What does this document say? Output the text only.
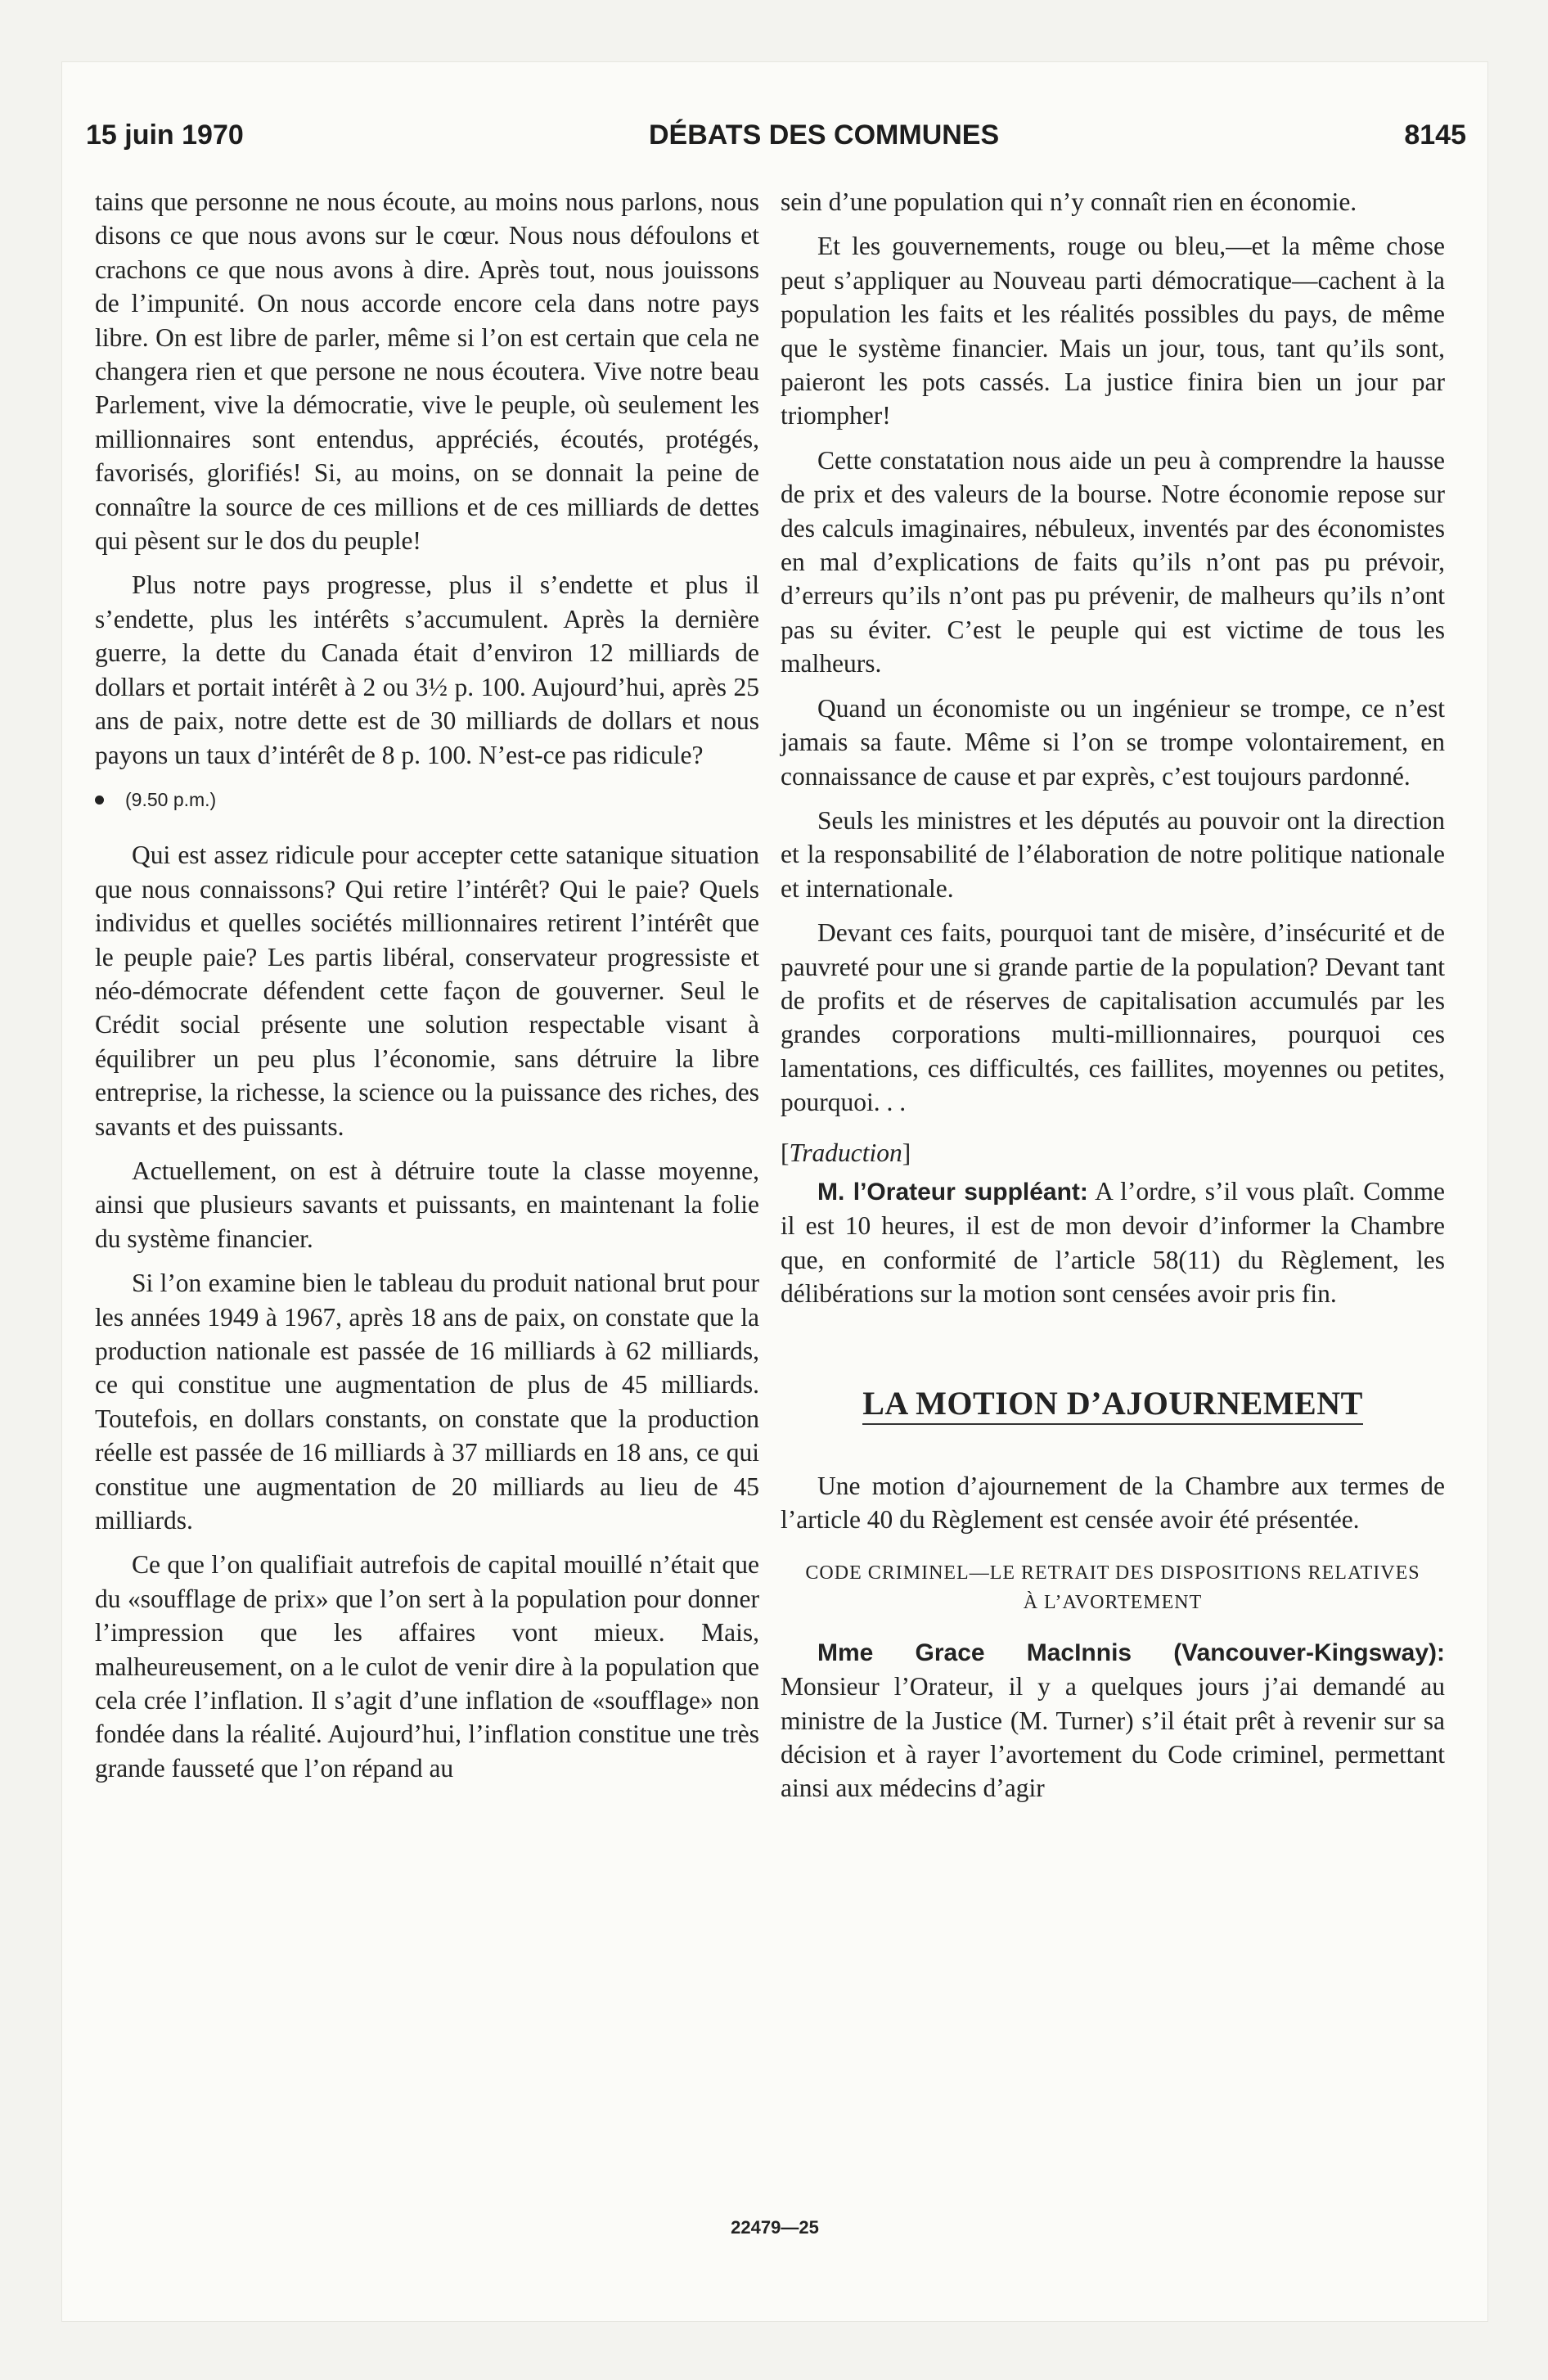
15 juin 1970	DÉBATS DES COMMUNES	8145

tains que personne ne nous écoute, au moins nous parlons, nous disons ce que nous avons sur le cœur. Nous nous défoulons et crachons ce que nous avons à dire. Après tout, nous jouissons de l’impunité. On nous accorde encore cela dans notre pays libre. On est libre de parler, même si l’on est certain que cela ne changera rien et que persone ne nous écoutera. Vive notre beau Parlement, vive la démocratie, vive le peuple, où seulement les millionnaires sont entendus, appréciés, écoutés, protégés, favorisés, glorifiés! Si, au moins, on se donnait la peine de connaître la source de ces millions et de ces milliards de dettes qui pèsent sur le dos du peuple!

Plus notre pays progresse, plus il s’endette et plus il s’endette, plus les intérêts s’accumulent. Après la dernière guerre, la dette du Canada était d’environ 12 milliards de dollars et portait intérêt à 2 ou 3½ p. 100. Aujourd’hui, après 25 ans de paix, notre dette est de 30 milliards de dollars et nous payons un taux d’intérêt de 8 p. 100. N’est-ce pas ridicule?

(9.50 p.m.)

Qui est assez ridicule pour accepter cette satanique situation que nous connaissons? Qui retire l’intérêt? Qui le paie? Quels individus et quelles sociétés millionnaires retirent l’intérêt que le peuple paie? Les partis libéral, conservateur progressiste et néo-démocrate défendent cette façon de gouverner. Seul le Crédit social présente une solution respectable visant à équilibrer un peu plus l’économie, sans détruire la libre entreprise, la richesse, la science ou la puissance des riches, des savants et des puissants.

Actuellement, on est à détruire toute la classe moyenne, ainsi que plusieurs savants et puissants, en maintenant la folie du système financier.

Si l’on examine bien le tableau du produit national brut pour les années 1949 à 1967, après 18 ans de paix, on constate que la production nationale est passée de 16 milliards à 62 milliards, ce qui constitue une augmentation de plus de 45 milliards. Toutefois, en dollars constants, on constate que la production réelle est passée de 16 milliards à 37 milliards en 18 ans, ce qui constitue une augmentation de 20 milliards au lieu de 45 milliards.

Ce que l’on qualifiait autrefois de capital mouillé n’était que du «soufflage de prix» que l’on sert à la population pour donner l’impression que les affaires vont mieux. Mais, malheureusement, on a le culot de venir dire à la population que cela crée l’inflation. Il s’agit d’une inflation de «soufflage» non fondée dans la réalité. Aujourd’hui, l’inflation constitue une très grande fausseté que l’on répand au

sein d’une population qui n’y connaît rien en économie.

Et les gouvernements, rouge ou bleu,—et la même chose peut s’appliquer au Nouveau parti démocratique—cachent à la population les faits et les réalités possibles du pays, de même que le système financier. Mais un jour, tous, tant qu’ils sont, paieront les pots cassés. La justice finira bien un jour par triompher!

Cette constatation nous aide un peu à comprendre la hausse de prix et des valeurs de la bourse. Notre économie repose sur des calculs imaginaires, nébuleux, inventés par des économistes en mal d’explications de faits qu’ils n’ont pas pu prévoir, d’erreurs qu’ils n’ont pas pu prévenir, de malheurs qu’ils n’ont pas su éviter. C’est le peuple qui est victime de tous les malheurs.

Quand un économiste ou un ingénieur se trompe, ce n’est jamais sa faute. Même si l’on se trompe volontairement, en connaissance de cause et par exprès, c’est toujours pardonné.

Seuls les ministres et les députés au pouvoir ont la direction et la responsabilité de l’élaboration de notre politique nationale et internationale.

Devant ces faits, pourquoi tant de misère, d’insécurité et de pauvreté pour une si grande partie de la population? Devant tant de profits et de réserves de capitalisation accumulés par les grandes corporations multi-millionnaires, pourquoi ces lamentations, ces difficultés, ces faillites, moyennes ou petites, pourquoi. . .

[Traduction]

M. l’Orateur suppléant: A l’ordre, s’il vous plaît. Comme il est 10 heures, il est de mon devoir d’informer la Chambre que, en conformité de l’article 58(11) du Règlement, les délibérations sur la motion sont censées avoir pris fin.

LA MOTION D’AJOURNEMENT

Une motion d’ajournement de la Chambre aux termes de l’article 40 du Règlement est censée avoir été présentée.

CODE CRIMINEL—LE RETRAIT DES DISPOSITIONS RELATIVES À L’AVORTEMENT

Mme Grace MacInnis (Vancouver-Kingsway): Monsieur l’Orateur, il y a quelques jours j’ai demandé au ministre de la Justice (M. Turner) s’il était prêt à revenir sur sa décision et à rayer l’avortement du Code criminel, permettant ainsi aux médecins d’agir

22479—25
